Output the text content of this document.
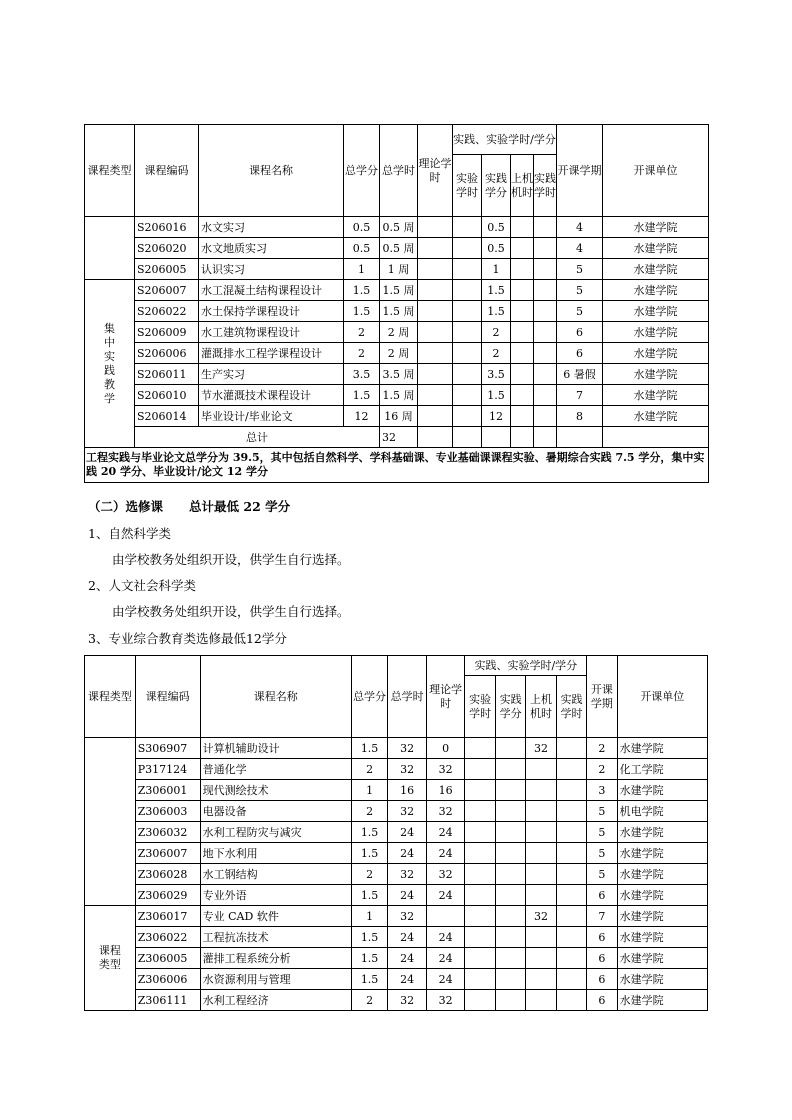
课程类型	课程编码	课程名称	总学分	总学时	理论学时	实践、实验学时/学分				开课学期	开课单位	
						实验学时	实践学分	上机机时	实践学时			
	S206016	水文实习	0.5	0.5 周			0.5			4	水建学院	
	S206020	水文地质实习	0.5	0.5 周			0.5			4	水建学院	
	S206005	认识实习	1	1 周			1			5	水建学院	
集中实践教学	S206007	水工混凝土结构课程设计	1.5	1.5 周			1.5			5	水建学院	
	S206022	水土保持学课程设计	1.5	1.5 周			1.5			5	水建学院	
	S206009	水工建筑物课程设计	2	2 周			2			6	水建学院	
	S206006	灌溉排水工程学课程设计	2	2 周			2			6	水建学院	
	S206011	生产实习	3.5	3.5 周			3.5			6 暑假	水建学院	
	S206010	节水灌溉技术课程设计	1.5	1.5 周			1.5			7	水建学院	
	S206014	毕业设计/毕业论文	12	16 周			12			8	水建学院	
	总计			32								
工程实践与毕业论文总学分为 39.5，其中包括自然科学、学科基础课、专业基础课课程实验、暑期综合实践 7.5 学分，集中实践 20 学分、毕业设计/论文 12 学分												
（二）选修课 总计最低 22 学分
1、自然科学类
由学校教务处组织开设，供学生自行选择。
2、人文社会科学类
由学校教务处组织开设，供学生自行选择。
3、专业综合教育类选修最低12学分
课程类型	课程编码	课程名称	总学分	总学时	理论学时	实践、实验学时/学分				开课学期	开课单位
						实验学时	实践学分	上机机时	实践学时		
	S306907	计算机辅助设计	1.5	32	0			32		2	水建学院
	P317124	普通化学	2	32	32					2	化工学院
	Z306001	现代测绘技术	1	16	16					3	水建学院
	Z306003	电器设备	2	32	32					5	机电学院
	Z306032	水利工程防灾与减灾	1.5	24	24					5	水建学院
	Z306007	地下水利用	1.5	24	24					5	水建学院
	Z306028	水工钢结构	2	32	32					5	水建学院
	Z306029	专业外语	1.5	24	24					6	水建学院
课程类型	Z306017	专业 CAD 软件	1	32				32		7	水建学院
	Z306022	工程抗冻技术	1.5	24	24					6	水建学院
	Z306005	灌排工程系统分析	1.5	24	24					6	水建学院
	Z306006	水资源利用与管理	1.5	24	24					6	水建学院
	Z306111	水利工程经济	2	32	32					6	水建学院
